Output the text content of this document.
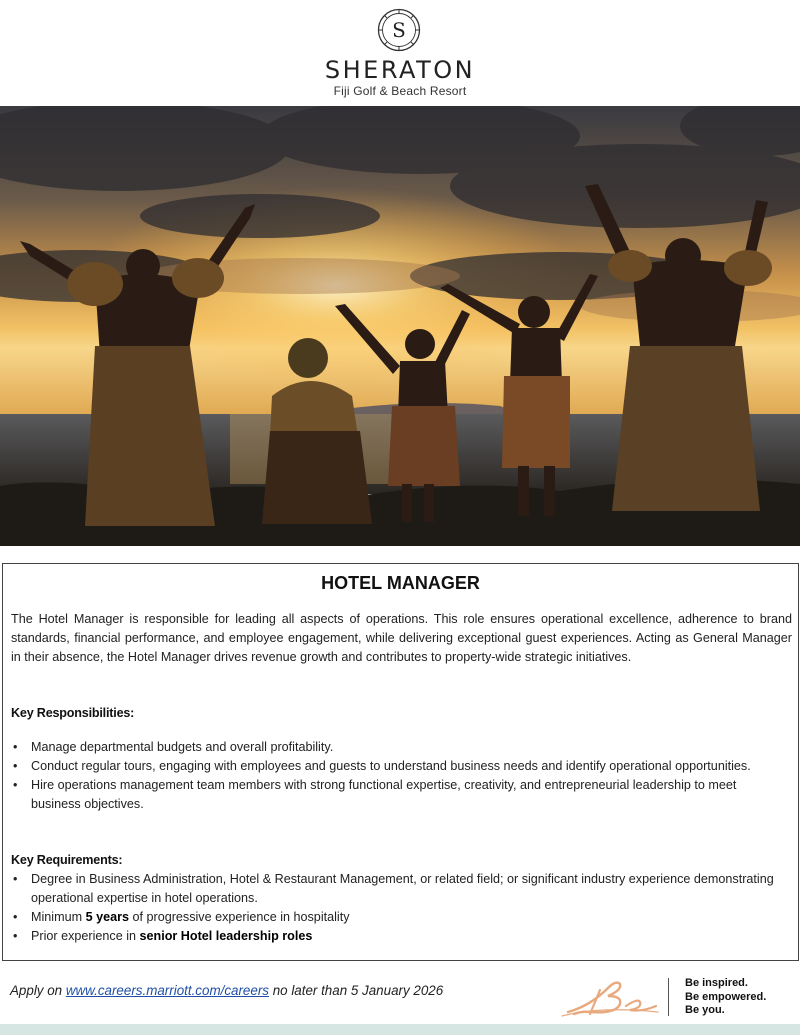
S
SHERATON
Fiji Golf & Beach Resort
HOTEL MANAGER

The Hotel Manager is responsible for leading all aspects of operations. This role ensures operational excellence, adherence to brand standards, financial performance, and employee engagement, while delivering exceptional guest experiences. Acting as General Manager in their absence, the Hotel Manager drives revenue growth and contributes to property-wide strategic initiatives.

Key Responsibilities:
• Manage departmental budgets and overall profitability.
• Conduct regular tours, engaging with employees and guests to understand business needs and identify operational opportunities.
• Hire operations management team members with strong functional expertise, creativity, and entrepreneurial leadership to meet business objectives.
Key Requirements:
• Degree in Business Administration, Hotel & Restaurant Management, or related field; or significant industry experience demonstrating operational expertise in hotel operations.
• Minimum 5 years of progressive experience in hospitality
• Prior experience in senior Hotel leadership roles
Apply on www.careers.marriott.com/careers no later than 5 January 2026	Be inspired.
Be empowered.
Be you.
